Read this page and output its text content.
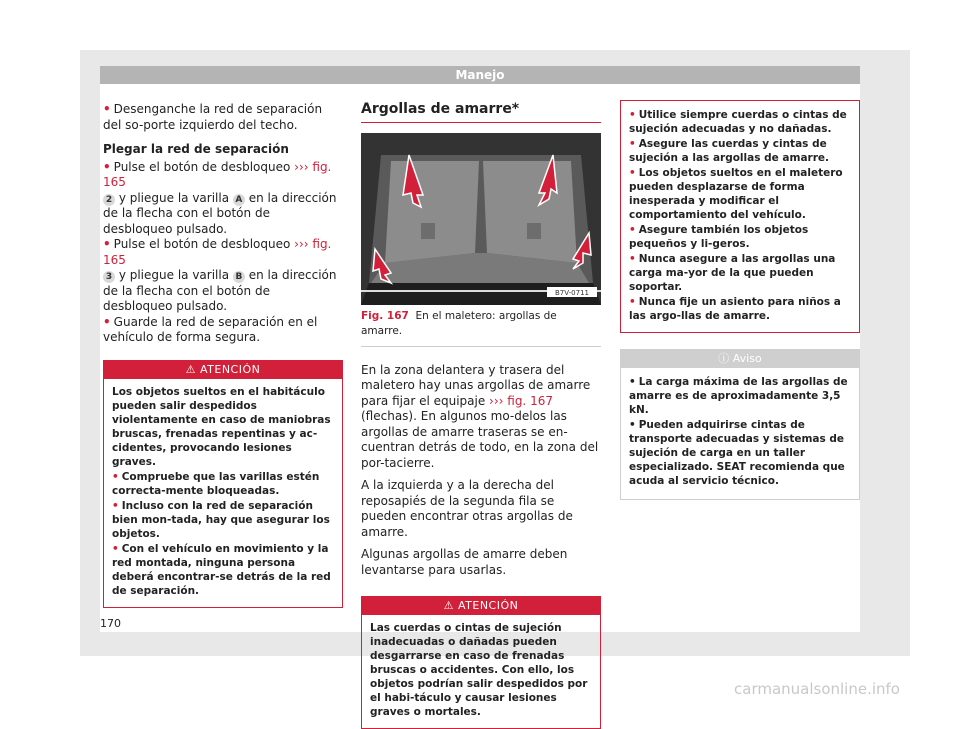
Manejo

• Desenganche la red de separación del so-porte izquierdo del techo.

Plegar la red de separación

• Pulse el botón de desbloqueo ››› fig. 165
2 y pliegue la varilla A en la dirección de la flecha con el botón de desbloqueo pulsado.

• Pulse el botón de desbloqueo ››› fig. 165
3 y pliegue la varilla B en la dirección de la flecha con el botón de desbloqueo pulsado.

• Guarde la red de separación en el vehículo de forma segura.

⚠ ATENCIÓN

Los objetos sueltos en el habitáculo pueden salir despedidos violentamente en caso de maniobras bruscas, frenadas repentinas y ac-cidentes, provocando lesiones graves.

• Compruebe que las varillas estén correcta-mente bloqueadas.

• Incluso con la red de separación bien mon-tada, hay que asegurar los objetos.

• Con el vehículo en movimiento y la red montada, ninguna persona deberá encontrar-se detrás de la red de separación.

Argollas de amarre*
B7V-0711
Fig. 167 En el maletero: argollas de amarre.

En la zona delantera y trasera del maletero hay unas argollas de amarre para fijar el equipaje ››› fig. 167 (flechas). En algunos mo-delos las argollas de amarre traseras se en-cuentran detrás de todo, en la zona del por-tacierre.

A la izquierda y a la derecha del reposapiés de la segunda fila se pueden encontrar otras argollas de amarre.

Algunas argollas de amarre deben levantarse para usarlas.

⚠ ATENCIÓN

Las cuerdas o cintas de sujeción inadecuadas o dañadas pueden desgarrarse en caso de frenadas bruscas o accidentes. Con ello, los objetos podrían salir despedidos por el habi-táculo y causar lesiones graves o mortales.

• Utilice siempre cuerdas o cintas de sujeción adecuadas y no dañadas.

• Asegure las cuerdas y cintas de sujeción a las argollas de amarre.

• Los objetos sueltos en el maletero pueden desplazarse de forma inesperada y modificar el comportamiento del vehículo.

• Asegure también los objetos pequeños y li-geros.

• Nunca asegure a las argollas una carga ma-yor de la que pueden soportar.

• Nunca fije un asiento para niños a las argo-llas de amarre.

ⓘ Aviso

• La carga máxima de las argollas de amarre es de aproximadamente 3,5 kN.

• Pueden adquirirse cintas de transporte adecuadas y sistemas de sujeción de carga en un taller especializado. SEAT recomienda que acuda al servicio técnico.

170
carmanualsonline.info
